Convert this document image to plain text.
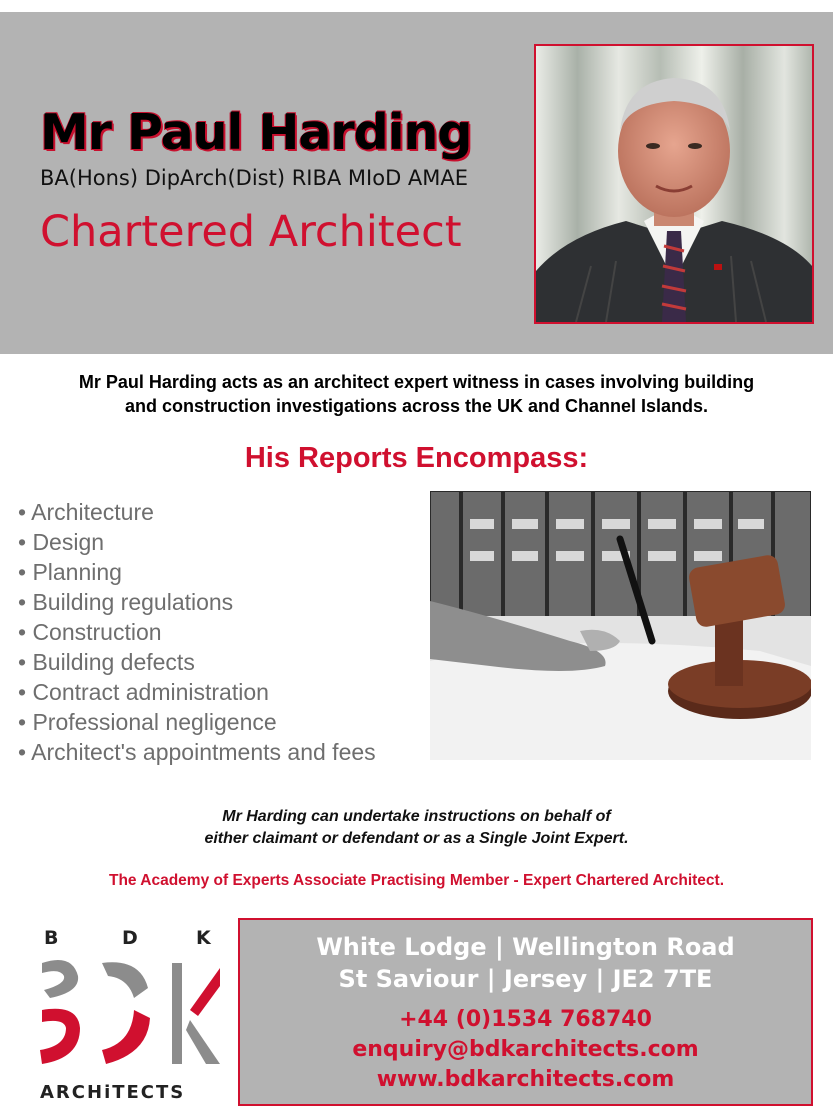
Mr Paul Harding
BA(Hons) DipArch(Dist) RIBA MIoD AMAE
Chartered Architect
Mr Paul Harding acts as an architect expert witness in cases involving building
and construction investigations across the UK and Channel Islands.
His Reports Encompass:
• Architecture
• Design
• Planning
• Building regulations
• Construction
• Building defects
• Contract administration
• Professional negligence
• Architect's appointments and fees
Mr Harding can undertake instructions on behalf of
either claimant or defendant or as a Single Joint Expert.
The Academy of Experts Associate Practising Member - Expert Chartered Architect.
B	D	K
ARCHiTECTS
White Lodge | Wellington Road
St Saviour | Jersey | JE2 7TE
+44 (0)1534 768740
enquiry@bdkarchitects.com
www.bdkarchitects.com
